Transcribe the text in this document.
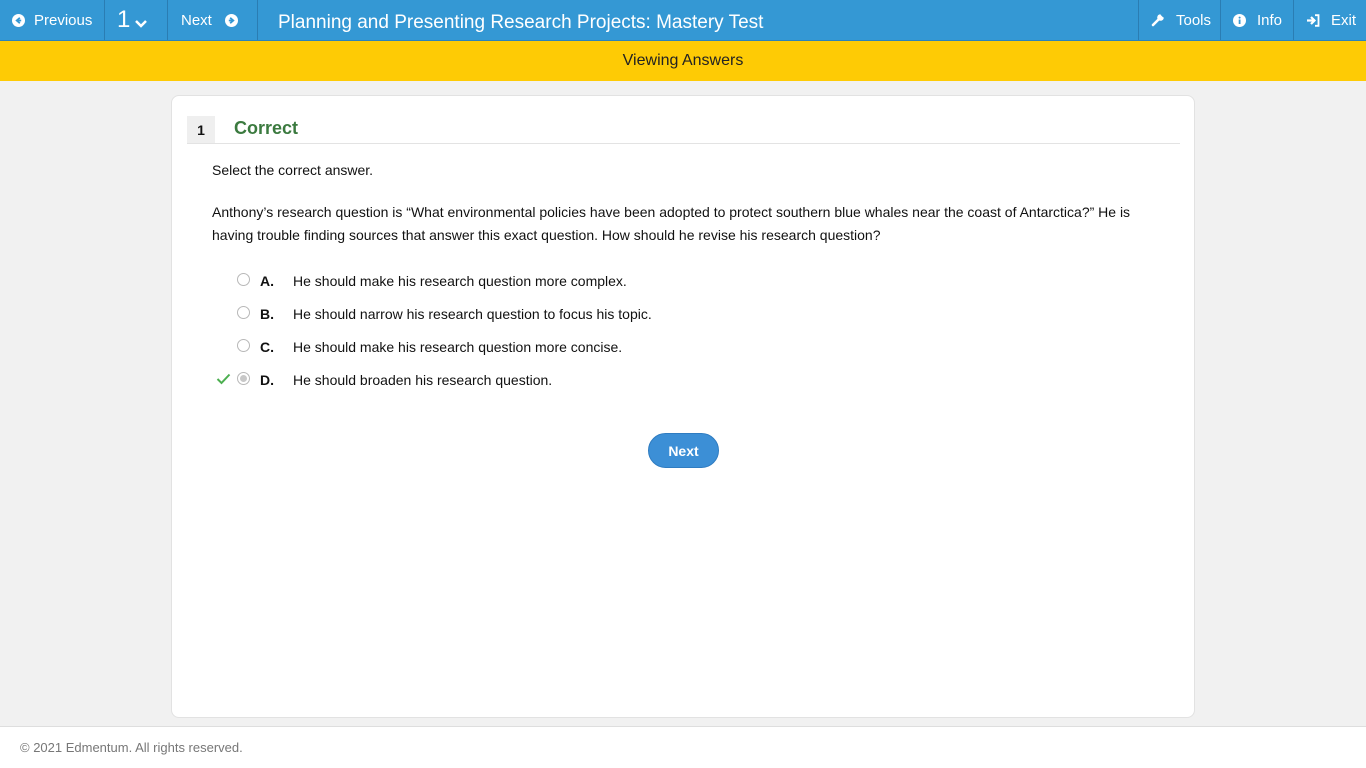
Previous 1	Next	Planning and Presenting Research Projects: Mastery Test	Tools	Info	Exit
Viewing Answers
1	Correct
Select the correct answer.
Anthony’s research question is “What environmental policies have been adopted to protect southern blue whales near the coast of Antarctica?” He is having trouble finding sources that answer this exact question. How should he revise his research question?
A. He should make his research question more complex.
B. He should narrow his research question to focus his topic.
C. He should make his research question more concise.
D. He should broaden his research question.
Next
© 2021 Edmentum. All rights reserved.
